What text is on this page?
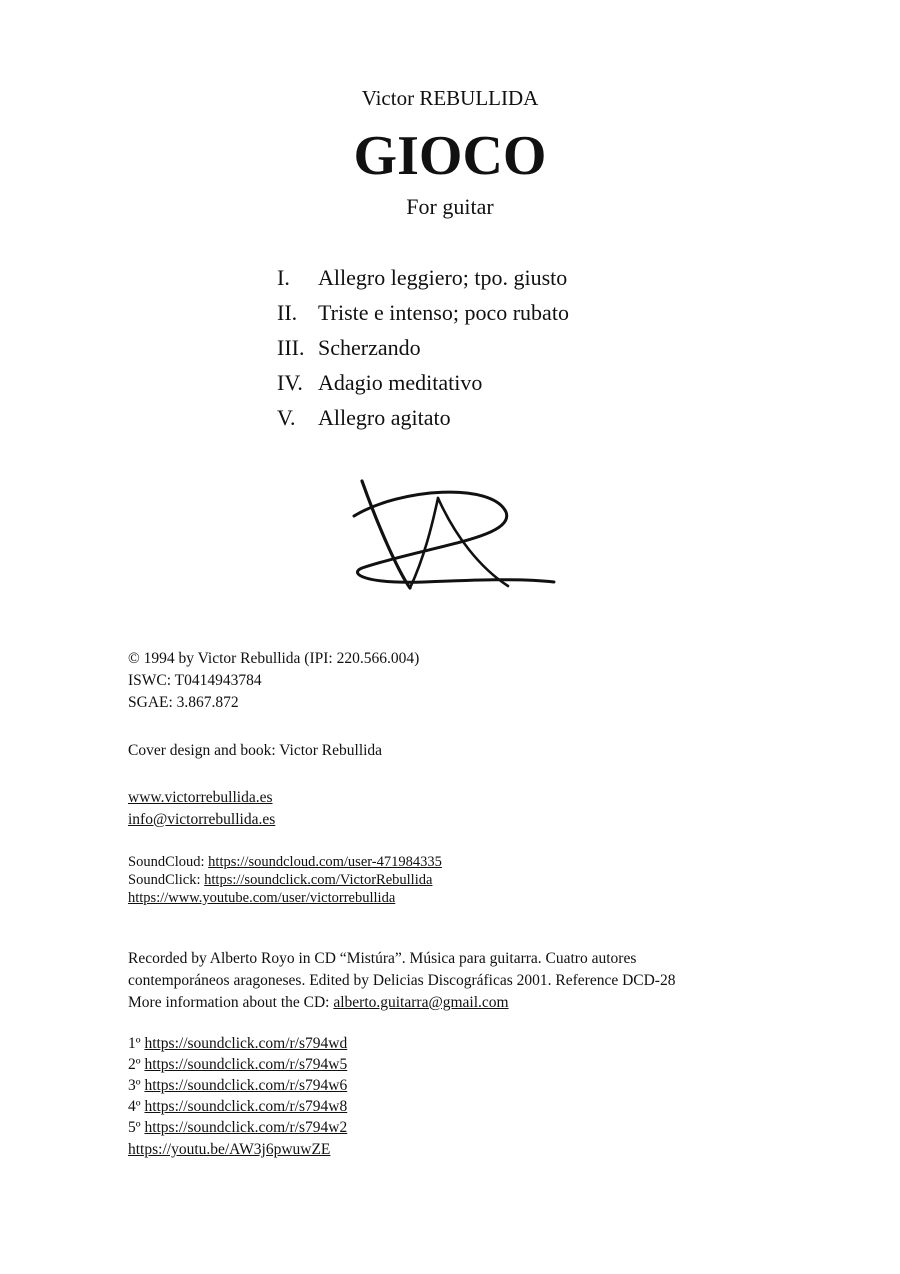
Victor REBULLIDA
GIOCO
For guitar
I. Allegro leggiero; tpo. giusto
II. Triste e intenso; poco rubato
III. Scherzando
IV. Adagio meditativo
V. Allegro agitato
© 1994 by Victor Rebullida (IPI: 220.566.004)
ISWC: T0414943784
SGAE: 3.867.872
Cover design and book: Victor Rebullida
www.victorrebullida.es
info@victorrebullida.es
SoundCloud: https://soundcloud.com/user-471984335
SoundClick: https://soundclick.com/VictorRebullida
https://www.youtube.com/user/victorrebullida
Recorded by Alberto Royo in CD “Mistúra”. Música para guitarra. Cuatro autores
contemporáneos aragoneses. Edited by Delicias Discográficas 2001. Reference DCD-28
More information about the CD: alberto.guitarra@gmail.com
1º https://soundclick.com/r/s794wd
2º https://soundclick.com/r/s794w5
3º https://soundclick.com/r/s794w6
4º https://soundclick.com/r/s794w8
5º https://soundclick.com/r/s794w2
https://youtu.be/AW3j6pwuwZE
